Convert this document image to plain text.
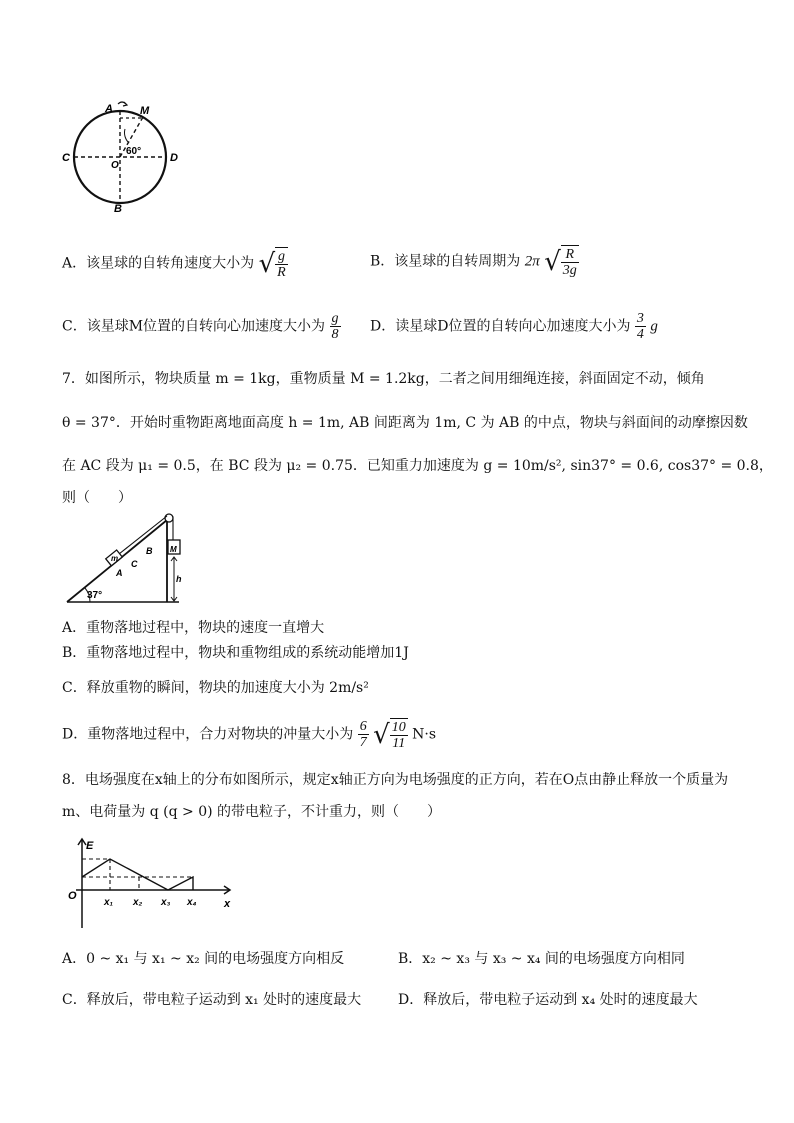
A M
C	D
O
B
60°
A．该星球的自转角速度大小为 √ $\frac{g}{R}$	B．该星球的自转周期为 2π √ $\frac{R}{3g}$
C．该星球M位置的自转向心加速度大小为 $\frac{g}{8}$ D．读星球D位置的自转向心加速度大小为 $\frac{3}{4}$ g
7．如图所示，物块质量 m = 1kg，重物质量 M = 1.2kg，二者之间用细绳连接，斜面固定不动，倾角
θ = 37°．开始时重物距离地面高度 h = 1m, AB 间距离为 1m, C 为 AB 的中点，物块与斜面间的动摩擦因数
在 AC 段为 μ₁ = 0.5，在 BC 段为 μ₂ = 0.75．已知重力加速度为 g = 10m/s², sin37° = 0.6, cos37° = 0.8，
则（　　）
m
M
A
C
B
h
37°
A．重物落地过程中，物块的速度一直增大
B．重物落地过程中，物块和重物组成的系统动能增加1J
C．释放重物的瞬间，物块的加速度大小为 2m/s²
D．重物落地过程中，合力对物块的冲量大小为 $\frac{6}{7}$
√ $\frac{10}{11} N\cdot s$
8．电场强度在x轴上的分布如图所示，规定x轴正方向为电场强度的正方向，若在O点由静止释放一个质量为
m、电荷量为 q (q > 0) 的带电粒子，不计重力，则（　　）
E
O
x
x₁ x₂ x₃ x₄
A．0 ~ x₁ 与 x₁ ~ x₂ 间的电场强度方向相反	B．x₂ ~ x₃ 与 x₃ ~ x₄ 间的电场强度方向相同
C．释放后，带电粒子运动到 x₁ 处时的速度最大	D．释放后，带电粒子运动到 x₄ 处时的速度最大
